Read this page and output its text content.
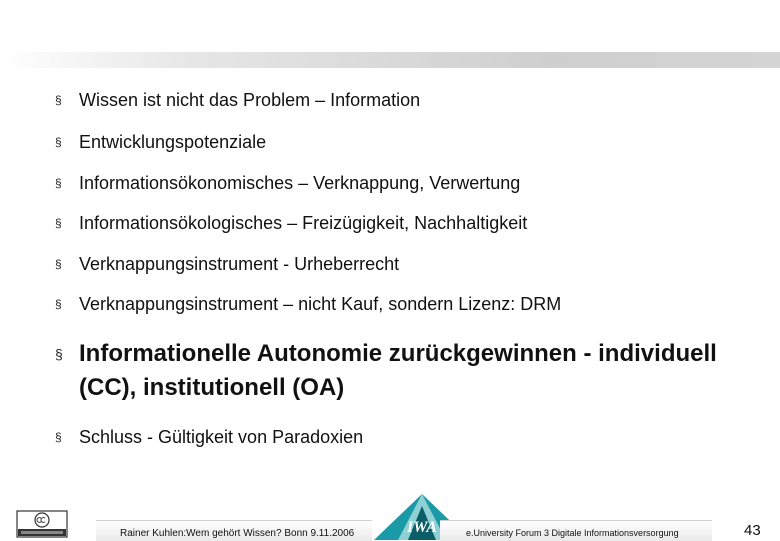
§ Wissen ist nicht das Problem – Information
§ Entwicklungspotenziale
§ Informationsökonomisches – Verknappung, Verwertung
§ Informationsökologisches – Freizügigkeit, Nachhaltigkeit
§ Verknappungsinstrument - Urheberrecht
§ Verknappungsinstrument – nicht Kauf, sondern Lizenz: DRM
§ Informationelle Autonomie zurückgewinnen - individuell (CC), institutionell (OA)
§ Schluss - Gültigkeit von Paradoxien
Rainer Kuhlen:Wem gehört Wissen? Bonn 9.11.2006	IWA	e.University Forum 3 Digitale Informationsversorgung	43
